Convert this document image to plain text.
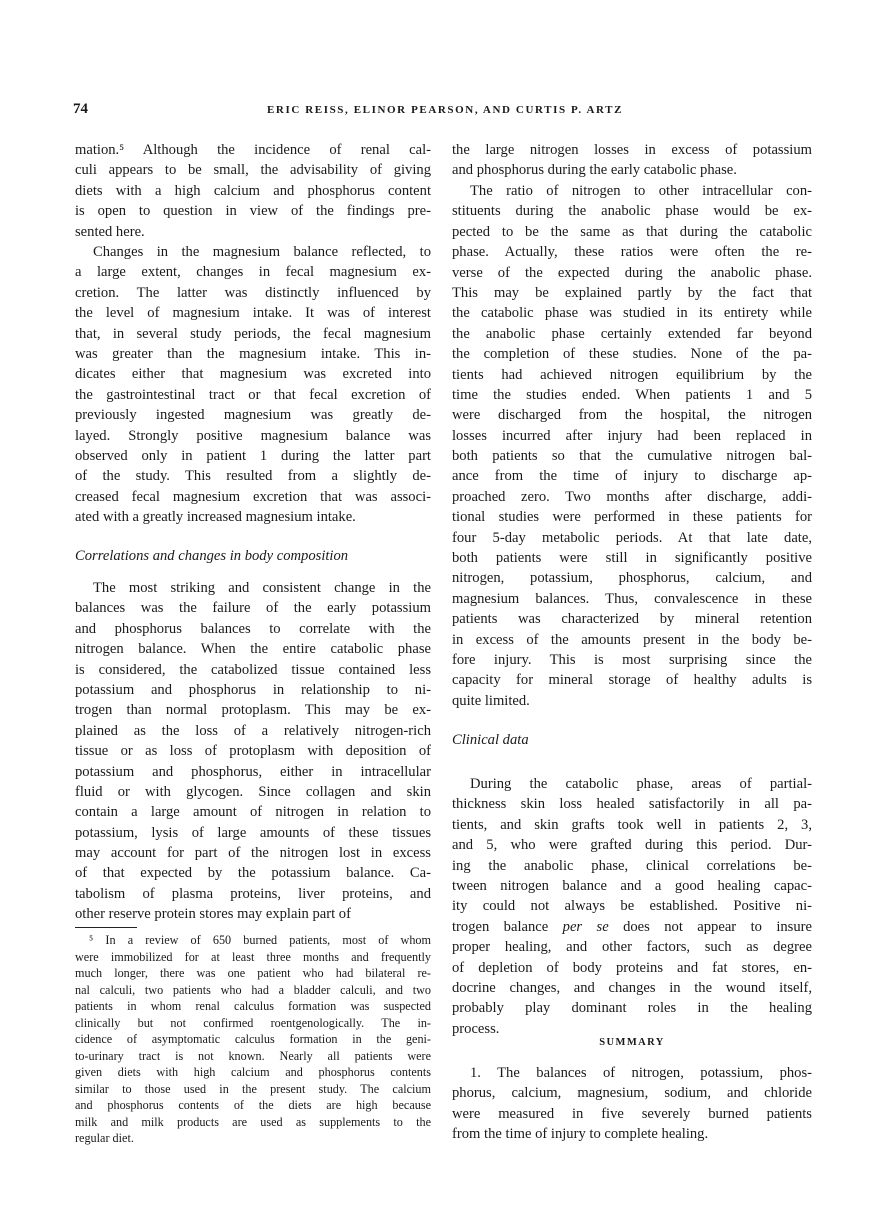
74	ERIC REISS, ELINOR PEARSON, AND CURTIS P. ARTZ
mation.⁵ Although the incidence of renal cal-
culi appears to be small, the advisability of giving
diets with a high calcium and phosphorus content
is open to question in view of the findings pre-
sented here.
Changes in the magnesium balance reflected, to
a large extent, changes in fecal magnesium ex-
cretion. The latter was distinctly influenced by
the level of magnesium intake. It was of interest
that, in several study periods, the fecal magnesium
was greater than the magnesium intake. This in-
dicates either that magnesium was excreted into
the gastrointestinal tract or that fecal excretion of
previously ingested magnesium was greatly de-
layed. Strongly positive magnesium balance was
observed only in patient 1 during the latter part
of the study. This resulted from a slightly de-
creased fecal magnesium excretion that was associ-
ated with a greatly increased magnesium intake.
Correlations and changes in body composition
The most striking and consistent change in the
balances was the failure of the early potassium
and phosphorus balances to correlate with the
nitrogen balance. When the entire catabolic phase
is considered, the catabolized tissue contained less
potassium and phosphorus in relationship to ni-
trogen than normal protoplasm. This may be ex-
plained as the loss of a relatively nitrogen-rich
tissue or as loss of protoplasm with deposition of
potassium and phosphorus, either in intracellular
fluid or with glycogen. Since collagen and skin
contain a large amount of nitrogen in relation to
potassium, lysis of large amounts of these tissues
may account for part of the nitrogen lost in excess
of that expected by the potassium balance. Ca-
tabolism of plasma proteins, liver proteins, and
other reserve protein stores may explain part of
⁵ In a review of 650 burned patients, most of whom
were immobilized for at least three months and frequently
much longer, there was one patient who had bilateral re-
nal calculi, two patients who had a bladder calculi, and two
patients in whom renal calculus formation was suspected
clinically but not confirmed roentgenologically. The in-
cidence of asymptomatic calculus formation in the geni-
to-urinary tract is not known. Nearly all patients were
given diets with high calcium and phosphorus contents
similar to those used in the present study. The calcium
and phosphorus contents of the diets are high because
milk and milk products are used as supplements to the
regular diet.
the large nitrogen losses in excess of potassium
and phosphorus during the early catabolic phase.
The ratio of nitrogen to other intracellular con-
stituents during the anabolic phase would be ex-
pected to be the same as that during the catabolic
phase. Actually, these ratios were often the re-
verse of the expected during the anabolic phase.
This may be explained partly by the fact that
the catabolic phase was studied in its entirety while
the anabolic phase certainly extended far beyond
the completion of these studies. None of the pa-
tients had achieved nitrogen equilibrium by the
time the studies ended. When patients 1 and 5
were discharged from the hospital, the nitrogen
losses incurred after injury had been replaced in
both patients so that the cumulative nitrogen bal-
ance from the time of injury to discharge ap-
proached zero. Two months after discharge, addi-
tional studies were performed in these patients for
four 5-day metabolic periods. At that late date,
both patients were still in significantly positive
nitrogen, potassium, phosphorus, calcium, and
magnesium balances. Thus, convalescence in these
patients was characterized by mineral retention
in excess of the amounts present in the body be-
fore injury. This is most surprising since the
capacity for mineral storage of healthy adults is
quite limited.
Clinical data
During the catabolic phase, areas of partial-
thickness skin loss healed satisfactorily in all pa-
tients, and skin grafts took well in patients 2, 3,
and 5, who were grafted during this period. Dur-
ing the anabolic phase, clinical correlations be-
tween nitrogen balance and a good healing capac-
ity could not always be established. Positive ni-
trogen balance per se does not appear to insure
proper healing, and other factors, such as degree
of depletion of body proteins and fat stores, en-
docrine changes, and changes in the wound itself,
probably play dominant roles in the healing
process.
SUMMARY
1. The balances of nitrogen, potassium, phos-
phorus, calcium, magnesium, sodium, and chloride
were measured in five severely burned patients
from the time of injury to complete healing.
